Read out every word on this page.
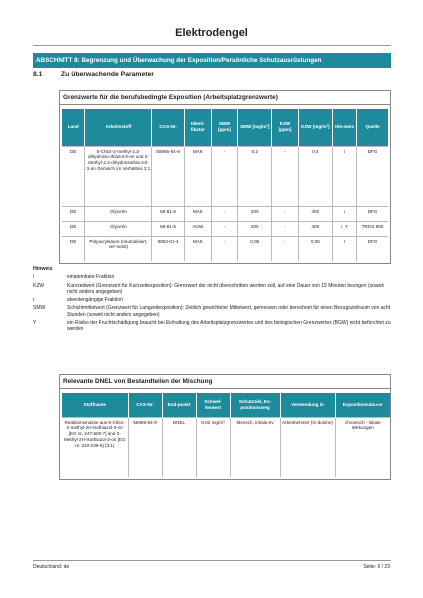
Elektrodengel
ABSCHNITT 8: Begrenzung und Überwachung der Exposition/Persönliche Schutzausrüstungen
8.1	Zu überwachende Parameter
Grenzwerte für die berufsbedingte Exposition (Arbeitsplatzgrenzwerte)
Land	Arbeitsstoff	CAS-Nr.	Identi-fikator	SMW [ppm]	SMW [mg/m³]	KZW [ppm]	KZW [mg/m³]	Hin-weis	Quelle
DE	5-Chlor-2-methyl-2,3-dihydroiso-thiazol-3-on und 2-Methyl-2,3-dihydroisothia-zol-3-on Gemisch im Verhältnis 3:1	55965-84-9	MAK	-	0,2	-	0,4	i	DFG
DE	Glycerin	56-81-5	MAK	-	200	-	400	i	DFG
DE	Glycerin	56-81-5	AGW	-	200	-	400	i, Y	TRGS 900
DE	Polyacrylsäure (neutralisiert, ver-netzt)	9003-01-4	MAK	-	0,05	-	0,05	r	DFG
Hinweis
i	einatembare Fraktion
KZW	Kurzzeitwert (Grenzwert für Kurzzeitexposition): Grenzwert der nicht überschritten werden soll, auf eine Dauer von 15 Minuten bezogen (soweit nicht anders angegeben)
r	alveolengängige Fraktion
SMW	Schichtmittelwert (Grenzwert für Langzeitexposition): Zeitlich gewichteter Mittelwert, gemessen oder berechnet für einen Bezugszeitraum von acht Stunden (soweit nicht anders angegeben)
Y	ein Risiko der Fruchtschädigung braucht bei Einhaltung des Arbeitsplatzgrenzwertes und des biologischen Grenzwertes (BGW) nicht befürchtet zu werden
Relevante DNEL von Bestandteilen der Mischung
Stoffname	CAS-Nr.	End-punkt	Schwel-lenwert	Schutzziel, Ex-positionsweg	Verwendung in	Expositionsdau-er
Reaktionsmasse aus 5-Chlor-2-methyl-2H-isothiazol-3-on [EG nr. 247-500-7] und 2-Methyl-2H-isothiazol-3-on [EG nr. 220-239-6] (3:1)	55965-84-9	DNEL	0,02 mg/m³	Mensch, inhala-tiv	Arbeitnehmer (In-dustrie)	chronisch - lokale Wirkungen
Deutschland: de	Seite: 6 / 23
